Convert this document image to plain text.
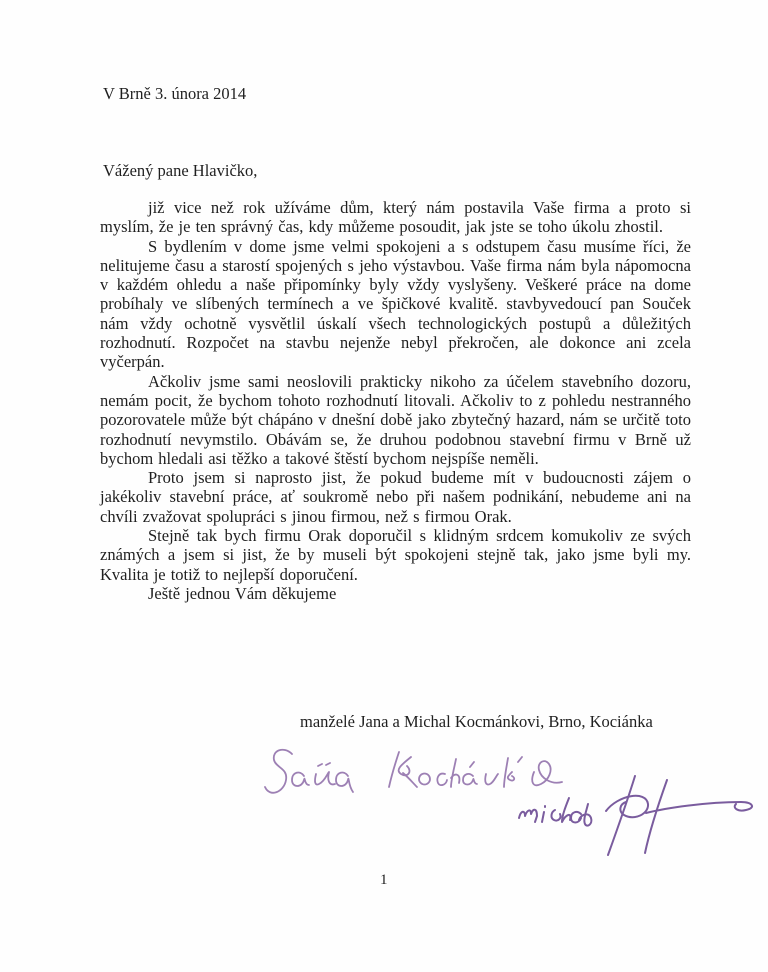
V Brně 3. února 2014
Vážený pane Hlavičko,

již vice než rok užíváme dům, který nám postavila Vaše firma a proto si myslím, že je ten správný čas, kdy můžeme posoudit, jak jste se toho úkolu zhostil.

S bydlením v dome jsme velmi spokojeni a s odstupem času musíme říci, že nelitujeme času a starostí spojených s jeho výstavbou. Vaše firma nám byla nápomocna v každém ohledu a naše připomínky byly vždy vyslyšeny. Veškeré práce na dome probíhaly ve slíbených termínech a ve špičkové kvalitě. stavbyvedoucí pan Souček nám vždy ochotně vysvětlil úskalí všech technologických postupů a důležitých rozhodnutí. Rozpočet na stavbu nejenže nebyl překročen, ale dokonce ani zcela vyčerpán.

Ačkoliv jsme sami neoslovili prakticky nikoho za účelem stavebního dozoru, nemám pocit, že bychom tohoto rozhodnutí litovali. Ačkoliv to z pohledu nestranného pozorovatele může být chápáno v dnešní době jako zbytečný hazard, nám se určitě toto rozhodnutí nevymstilo. Obávám se, že druhou podobnou stavební firmu v Brně už bychom hledali asi těžko a takové štěstí bychom nejspíše neměli.

Proto jsem si naprosto jist, že pokud budeme mít v budoucnosti zájem o jakékoliv stavební práce, ať soukromě nebo při našem podnikání, nebudeme ani na chvíli zvažovat spolupráci s jinou firmou, než s firmou Orak.

Stejně tak bych firmu Orak doporučil s klidným srdcem komukoliv ze svých známých a jsem si jist, že by museli být spokojeni stejně tak, jako jsme byli my. Kvalita je totiž to nejlepší doporučení.

Ještě jednou Vám děkujeme

manželé Jana a Michal Kocmánkovi, Brno, Kociánka
1
